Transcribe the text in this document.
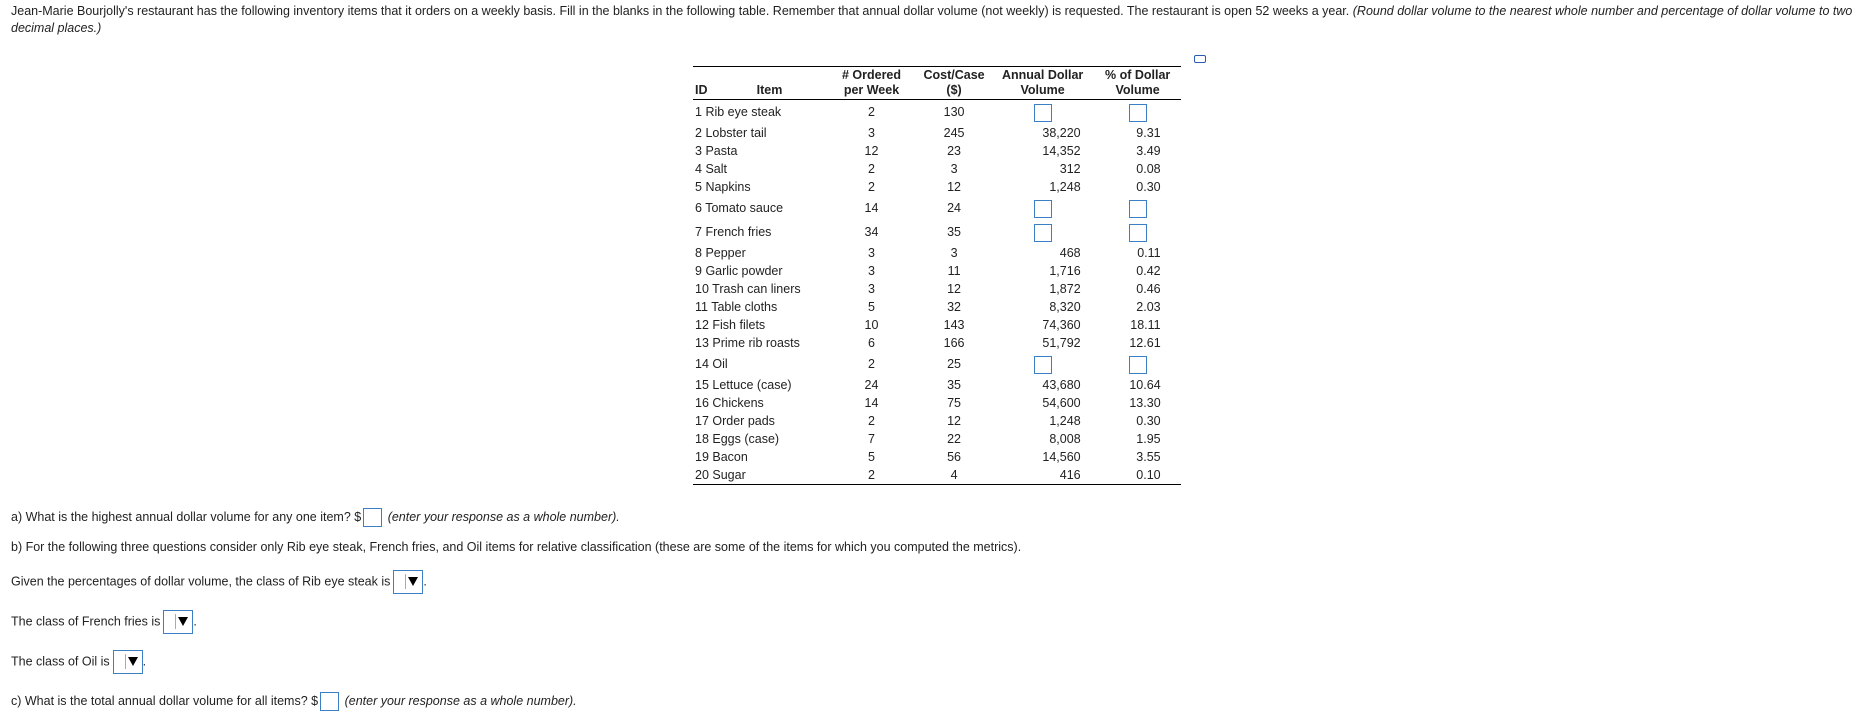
Jean-Marie Bourjolly's restaurant has the following inventory items that it orders on a weekly basis. Fill in the blanks in the following table. Remember that annual dollar volume (not weekly) is requested. The restaurant is open 52 weeks a year. (Round dollar volume to the nearest whole number and percentage of dollar volume to two decimal places.)
ID	Item	# Ordered per Week	Cost/Case ($)	Annual Dollar Volume	% of Dollar Volume
1 Rib eye steak		2	130		
2 Lobster tail		3	245	38,220	9.31
3 Pasta		12	23	14,352	3.49
4 Salt		2	3	312	0.08
5 Napkins		2	12	1,248	0.30
6 Tomato sauce		14	24		
7 French fries		34	35		
8 Pepper		3	3	468	0.11
9 Garlic powder		3	11	1,716	0.42
10 Trash can liners		3	12	1,872	0.46
11 Table cloths		5	32	8,320	2.03
12 Fish filets		10	143	74,360	18.11
13 Prime rib roasts		6	166	51,792	12.61
14 Oil		2	25		
15 Lettuce (case)		24	35	43,680	10.64
16 Chickens		14	75	54,600	13.30
17 Order pads		2	12	1,248	0.30
18 Eggs (case)		7	22	8,008	1.95
19 Bacon		5	56	14,560	3.55
20 Sugar		2	4	416	0.10
a) What is the highest annual dollar volume for any one item? $ (enter your response as a whole number).
b) For the following three questions consider only Rib eye steak, French fries, and Oil items for relative classification (these are some of the items for which you computed the metrics).
Given the percentages of dollar volume, the class of Rib eye steak is	.
The class of French fries is	.
The class of Oil is	.
c) What is the total annual dollar volume for all items? $ (enter your response as a whole number).
